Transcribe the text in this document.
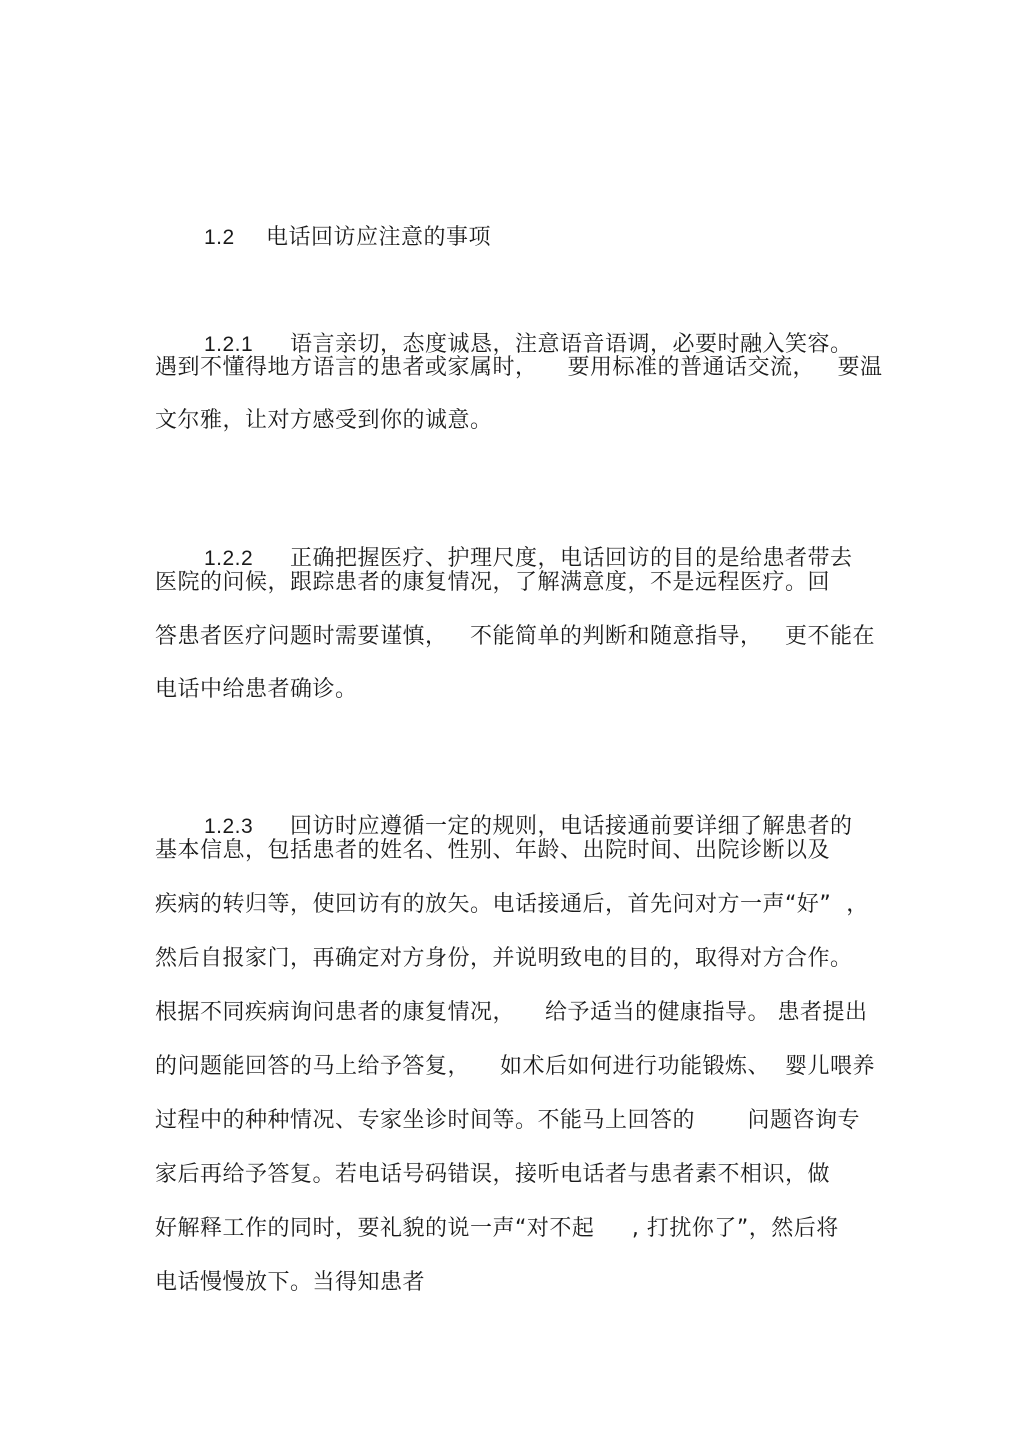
1.2 电话回访应注意的事项

1.2.1 语言亲切，态度诚恳，注意语音语调，必要时融入笑容。

遇到不懂得地方语言的患者或家属时，    要用标准的普通话交流，   要温
文尔雅，让对方感受到你的诚意。

1.2.2 正确把握医疗、护理尺度，电话回访的目的是给患者带去

医院的问候，跟踪患者的康复情况，了解满意度，不是远程医疗。回
答患者医疗问题时需要谨慎，   不能简单的判断和随意指导，   更不能在
电话中给患者确诊。

1.2.3 回访时应遵循一定的规则，电话接通前要详细了解患者的

基本信息，包括患者的姓名、性别、年龄、出院时间、出院诊断以及
疾病的转归等，使回访有的放矢。电话接通后，首先问对方一声“好”  ，
然后自报家门，再确定对方身份，并说明致电的目的，取得对方合作。
根据不同疾病询问患者的康复情况，    给予适当的健康指导。 患者提出
的问题能回答的马上给予答复，    如术后如何进行功能锻炼、  婴儿喂养
过程中的种种情况、专家坐诊时间等。不能马上回答的       问题咨询专
家后再给予答复。若电话号码错误，接听电话者与患者素不相识，做
好解释工作的同时，要礼貌的说一声“对不起     , 打扰你了”，然后将
电话慢慢放下。当得知患者
